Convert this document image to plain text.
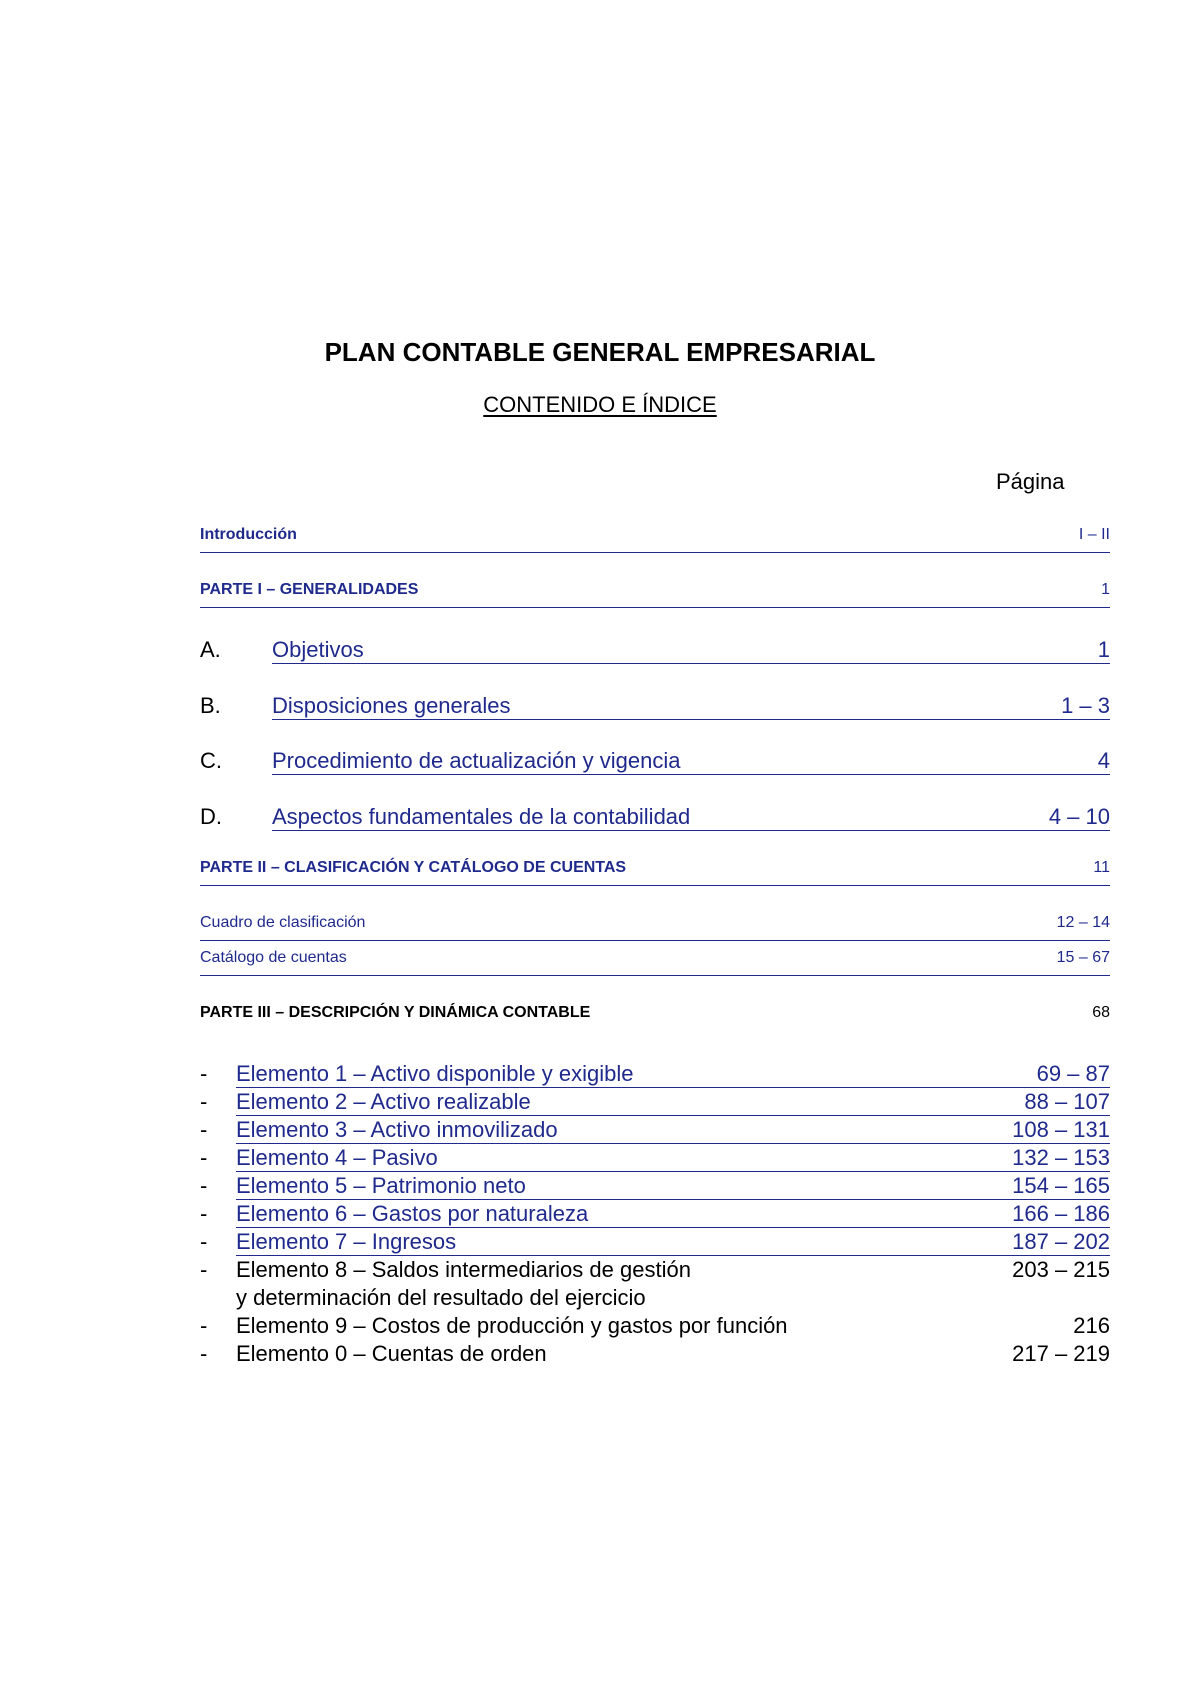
PLAN CONTABLE GENERAL EMPRESARIAL
CONTENIDO E ÍNDICE
Página
Introducción	I – II
PARTE I – GENERALIDADES	1
A. Objetivos	1
B. Disposiciones generales	1 – 3
C. Procedimiento de actualización y vigencia	4
D. Aspectos fundamentales de la contabilidad	4 – 10
PARTE II – CLASIFICACIÓN Y CATÁLOGO DE CUENTAS	11
Cuadro de clasificación	12 – 14
Catálogo de cuentas	15 – 67
PARTE III – DESCRIPCIÓN Y DINÁMICA CONTABLE	68
- Elemento 1 – Activo disponible y exigible	69 – 87
- Elemento 2 – Activo realizable	88 – 107
- Elemento 3 – Activo inmovilizado	108 – 131
- Elemento 4 – Pasivo	132 – 153
- Elemento 5 – Patrimonio neto	154 – 165
- Elemento 6 – Gastos por naturaleza	166 – 186
- Elemento 7 – Ingresos	187 – 202
- Elemento 8 – Saldos intermediarios de gestión	203 – 215
y determinación del resultado del ejercicio
- Elemento 9 – Costos de producción y gastos por función	216
- Elemento 0 – Cuentas de orden	217 – 219
